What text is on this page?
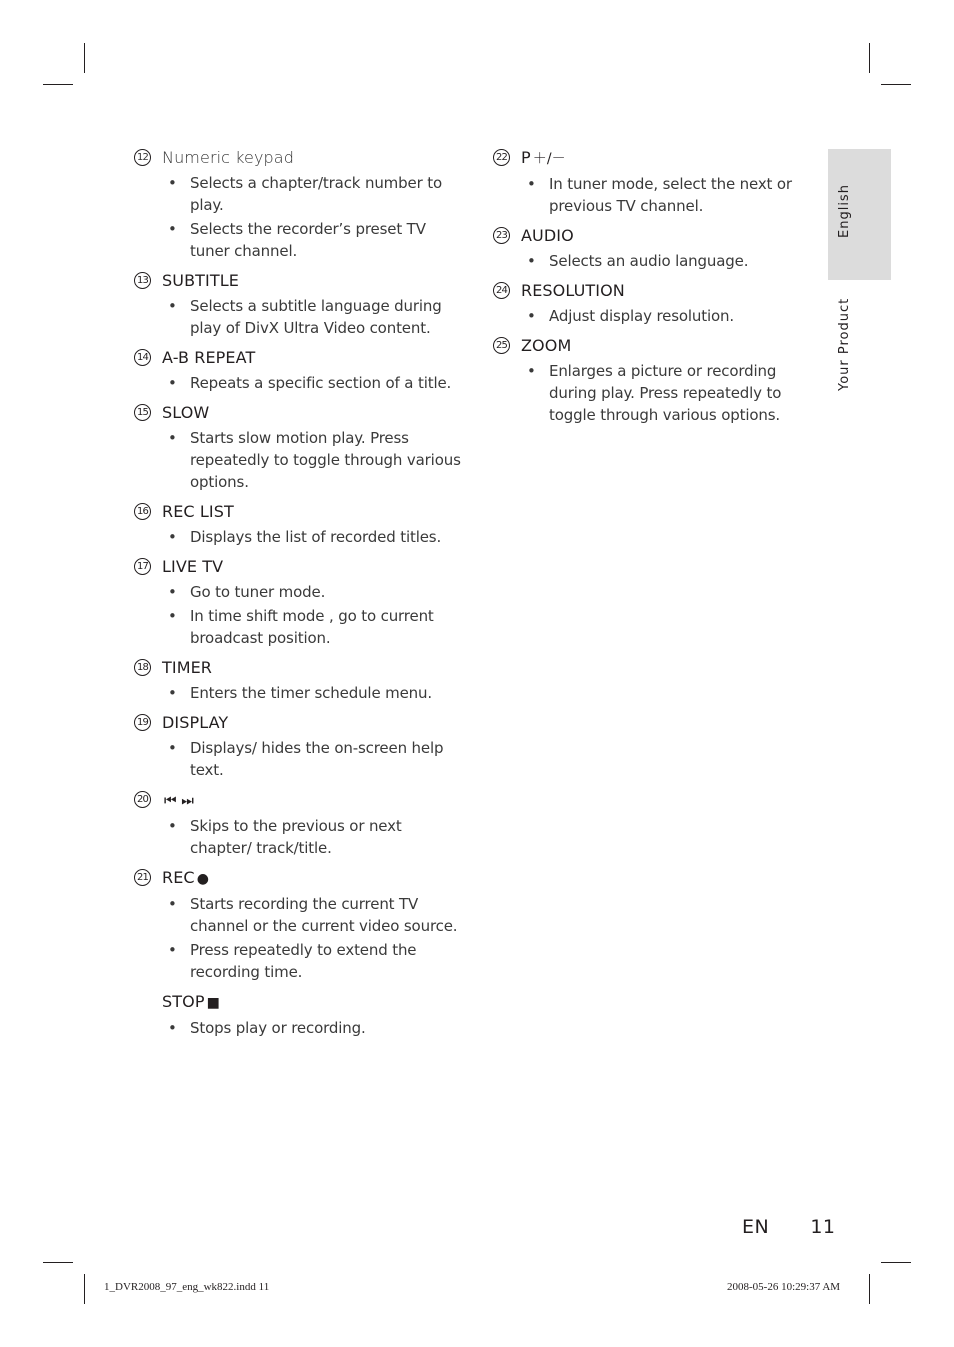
12 Numeric keypad
• Selects a chapter/track number to play.
• Selects the recorder’s preset TV tuner channel.
13 SUBTITLE
• Selects a subtitle language during play of DivX Ultra Video content.
14 A-B REPEAT
• Repeats a specific section of a title.
15 SLOW
• Starts slow motion play. Press repeatedly to toggle through various options.
16 REC LIST
• Displays the list of recorded titles.
17 LIVE TV
• Go to tuner mode.
• In time shift mode , go to current broadcast position.
18 TIMER
• Enters the timer schedule menu.
19 DISPLAY
• Displays/ hides the on-screen help text.
20 ⏮ ⏭
• Skips to the previous or next chapter/ track/title.
21 REC ●
• Starts recording the current TV channel or the current video source.
• Press repeatedly to extend the recording time.
STOP ■
• Stops play or recording.
22 P ＋/－
• In tuner mode, select the next or previous TV channel.
23 AUDIO
• Selects an audio language.
24 RESOLUTION
• Adjust display resolution.
25 ZOOM
• Enlarges a picture or recording during play. Press repeatedly to toggle through various options.
English
Your Product
EN 11
1_DVR2008_97_eng_wk822.indd 11	2008-05-26 10:29:37 AM
